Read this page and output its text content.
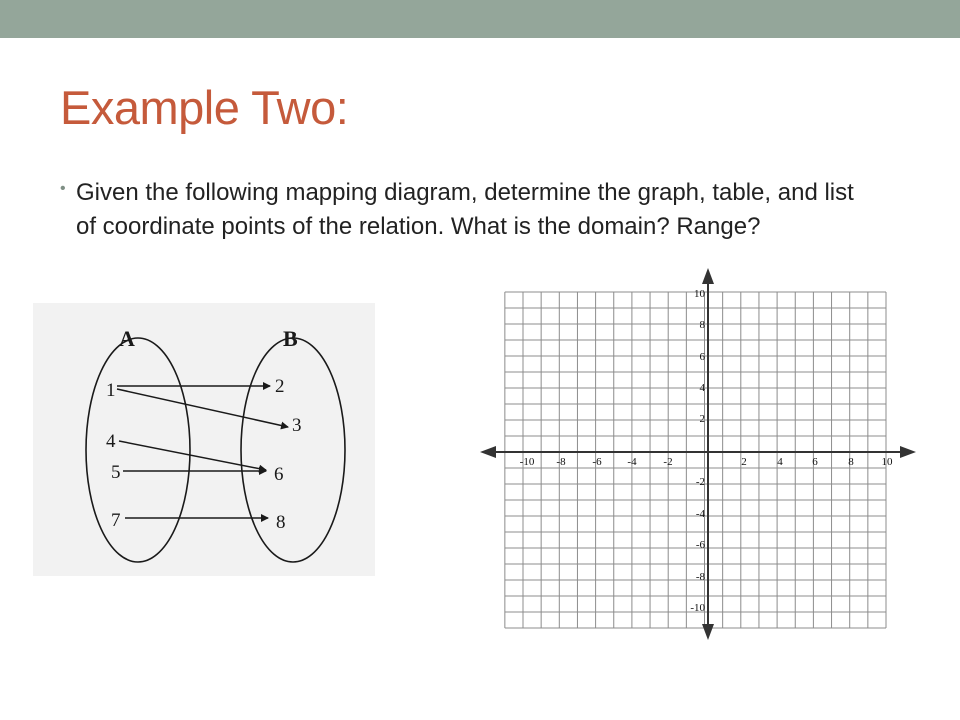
Example Two:
• Given the following mapping diagram, determine the graph, table, and list of coordinate points of the relation. What is the domain? Range?

A	B
1
4
5
7
2
3
6
8
-10 -8 -6 -4 -2	2	4	6	8	10
10
8
6
4
2
-2
-4
-6
-8
-10
